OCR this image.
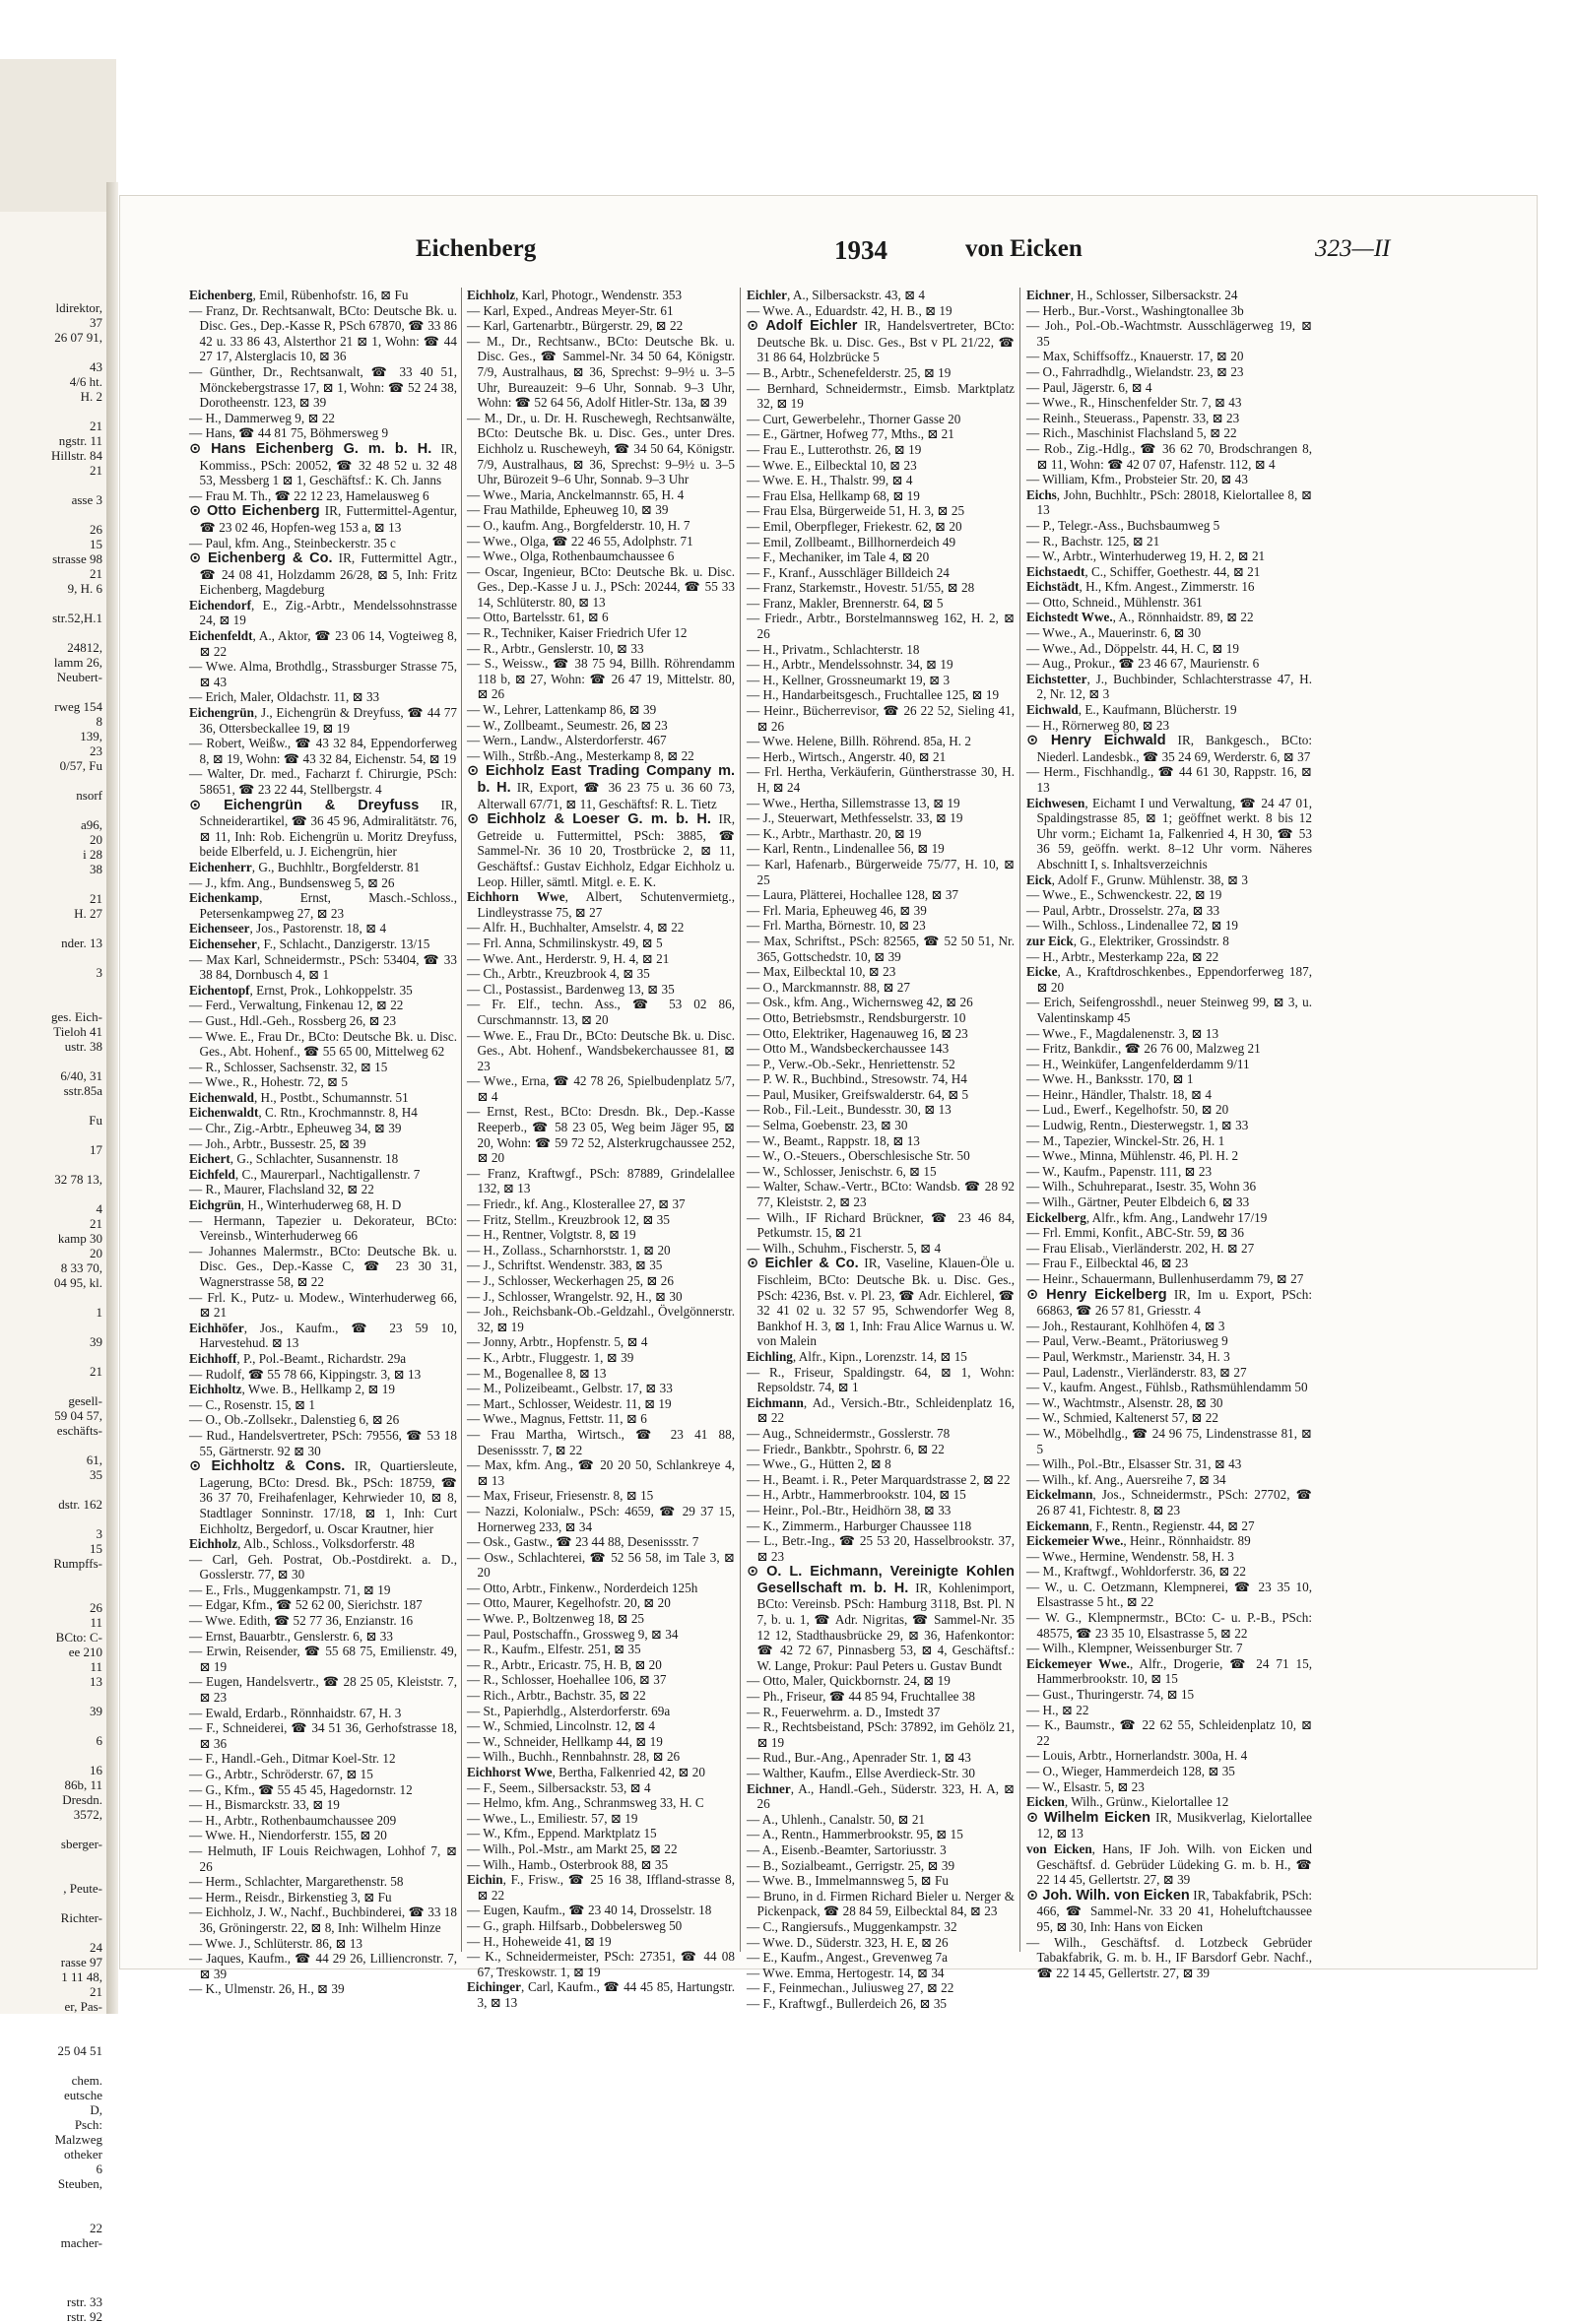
ldirektor,
37
26 07 91,

43
4/6 ht.
H. 2

21
ngstr. 11
Hillstr. 84
21

asse 3

26
15
strasse 98
21
9, H. 6

str.52,H.1

24812,
lamm 26,
Neubert-

rweg 154
8
139,
23
0/57, Fu

nsorf

a96,
20
i 28
38

21
H. 27

nder. 13

3

ges. Eich-
Tieloh 41
ustr. 38

6/40, 31
sstr.85a

Fu

17

32 78 13,

4
21
kamp 30
20
8 33 70,
04 95, kl.

1

39

21

gesell-
59 04 57,
eschäfts-

61,
35

dstr. 162

3
15
Rumpffs-

26
11
BCto: C-
ee 210
11
13

39

6

16
86b, 11
Dresdn.
3572,

sberger-

, Peute-

Richter-

24
rasse 97
1 11 48,
21
er, Pas-

25 04 51

chem.
eutsche
D,
Psch:
Malzweg
otheker
6
Steuben,

22
macher-

rstr. 33
rstr. 92
Eichenberg	1934	von Eicken	323—II

Eichenberg, Emil, Rübenhofstr. 16, ⊠ Fu

— Franz, Dr. Rechtsanwalt, BCto: Deutsche Bk. u. Disc. Ges., Dep.-Kasse R, PSch 67870, ☎ 33 86 42 u. 33 86 43, Alsterthor 21 ⊠ 1, Wohn: ☎ 44 27 17, Alsterglacis 10, ⊠ 36

— Günther, Dr., Rechtsanwalt, ☎ 33 40 51, Mönckebergstrasse 17, ⊠ 1, Wohn: ☎ 52 24 38, Dorotheenstr. 123, ⊠ 39

— H., Dammerweg 9, ⊠ 22

— Hans, ☎ 44 81 75, Böhmersweg 9

⊙ Hans Eichenberg G. m. b. H. IR, Kommiss., PSch: 20052, ☎ 32 48 52 u. 32 48 53, Messberg 1 ⊠ 1, Geschäftsf.: K. Ch. Janns

— Frau M. Th., ☎ 22 12 23, Hamelausweg 6

⊙ Otto Eichenberg IR, Futtermittel-Agentur, ☎ 23 02 46, Hopfen-weg 153 a, ⊠ 13

— Paul, kfm. Ang., Steinbeckerstr. 35 c

⊙ Eichenberg & Co. IR, Futtermittel Agtr., ☎ 24 08 41, Holzdamm 26/28, ⊠ 5, Inh: Fritz Eichenberg, Magdeburg

Eichendorf, E., Zig.-Arbtr., Mendelssohnstrasse 24, ⊠ 19

Eichenfeldt, A., Aktor, ☎ 23 06 14, Vogteiweg 8, ⊠ 22

— Wwe. Alma, Brothdlg., Strassburger Strasse 75, ⊠ 43

— Erich, Maler, Oldachstr. 11, ⊠ 33

Eichengrün, J., Eichengrün & Dreyfuss, ☎ 44 77 36, Ottersbeckallee 19, ⊠ 19

— Robert, Weißw., ☎ 43 32 84, Eppendorferweg 8, ⊠ 19, Wohn: ☎ 43 32 84, Eichenstr. 54, ⊠ 19

— Walter, Dr. med., Facharzt f. Chirurgie, PSch: 58651, ☎ 23 22 44, Stellbergstr. 4

⊙ Eichengrün & Dreyfuss IR, Schneiderartikel, ☎ 36 45 96, Admiralitätstr. 76, ⊠ 11, Inh: Rob. Eichengrün u. Moritz Dreyfuss, beide Elberfeld, u. J. Eichengrün, hier

Eichenherr, G., Buchhltr., Borgfelderstr. 81

— J., kfm. Ang., Bundsensweg 5, ⊠ 26

Eichenkamp, Ernst, Masch.-Schloss., Petersenkampweg 27, ⊠ 23

Eichenseer, Jos., Pastorenstr. 18, ⊠ 4

Eichenseher, F., Schlacht., Danzigerstr. 13/15

— Max Karl, Schneidermstr., PSch: 53404, ☎ 33 38 84, Dornbusch 4, ⊠ 1

Eichentopf, Ernst, Prok., Lohkoppelstr. 35

— Ferd., Verwaltung, Finkenau 12, ⊠ 22

— Gust., Hdl.-Geh., Rossberg 26, ⊠ 23

— Wwe. E., Frau Dr., BCto: Deutsche Bk. u. Disc. Ges., Abt. Hohenf., ☎ 55 65 00, Mittelweg 62

— R., Schlosser, Sachsenstr. 32, ⊠ 15

— Wwe., R., Hohestr. 72, ⊠ 5

Eichenwald, H., Postbt., Schumannstr. 51

Eichenwaldt, C. Rtn., Krochmannstr. 8, H4

— Chr., Zig.-Arbtr., Epheuweg 34, ⊠ 39

— Joh., Arbtr., Bussestr. 25, ⊠ 39

Eichert, G., Schlachter, Susannenstr. 18

Eichfeld, C., Maurerparl., Nachtigallenstr. 7

— R., Maurer, Flachsland 32, ⊠ 22

Eichgrün, H., Winterhuderweg 68, H. D

— Hermann, Tapezier u. Dekorateur, BCto: Vereinsb., Winterhuderweg 66

— Johannes Malermstr., BCto: Deutsche Bk. u. Disc. Ges., Dep.-Kasse C, ☎ 23 30 31, Wagnerstrasse 58, ⊠ 22

— Frl. K., Putz- u. Modew., Winterhuderweg 66, ⊠ 21

Eichhöfer, Jos., Kaufm., ☎ 23 59 10, Harvestehud. ⊠ 13

Eichhoff, P., Pol.-Beamt., Richardstr. 29a

— Rudolf, ☎ 55 78 66, Kippingstr. 3, ⊠ 13

Eichholtz, Wwe. B., Hellkamp 2, ⊠ 19

— C., Rosenstr. 15, ⊠ 1

— O., Ob.-Zollsekr., Dalenstieg 6, ⊠ 26

— Rud., Handelsvertreter, PSch: 79556, ☎ 53 18 55, Gärtnerstr. 92 ⊠ 30

⊙ Eichholtz & Cons. IR, Quartiersleute, Lagerung, BCto: Dresd. Bk., PSch: 18759, ☎ 36 37 70, Freihafenlager, Kehrwieder 10, ⊠ 8, Stadtlager Sonninstr. 17/18, ⊠ 1, Inh: Curt Eichholtz, Bergedorf, u. Oscar Krautner, hier

Eichholz, Alb., Schloss., Volksdorferstr. 48

— Carl, Geh. Postrat, Ob.-Postdirekt. a. D., Gosslerstr. 77, ⊠ 30

— E., Frls., Muggenkampstr. 71, ⊠ 19

— Edgar, Kfm., ☎ 52 62 00, Sierichstr. 187

— Wwe. Edith, ☎ 52 77 36, Enzianstr. 16

— Ernst, Bauarbtr., Genslerstr. 6, ⊠ 33

— Erwin, Reisender, ☎ 55 68 75, Emilienstr. 49, ⊠ 19

— Eugen, Handelsvertr., ☎ 28 25 05, Kleiststr. 7, ⊠ 23

— Ewald, Erdarb., Rönnhaidstr. 67, H. 3

— F., Schneiderei, ☎ 34 51 36, Gerhofstrasse 18, ⊠ 36

— F., Handl.-Geh., Ditmar Koel-Str. 12

— G., Arbtr., Schröderstr. 67, ⊠ 15

— G., Kfm., ☎ 55 45 45, Hagedornstr. 12

— H., Bismarckstr. 33, ⊠ 19

— H., Arbtr., Rothenbaumchaussee 209

— Wwe. H., Niendorferstr. 155, ⊠ 20

— Helmuth, IF Louis Reichwagen, Lohhof 7, ⊠ 26

— Herm., Schlachter, Margarethenstr. 58

— Herm., Reisdr., Birkenstieg 3, ⊠ Fu

— Eichholz, J. W., Nachf., Buchbinderei, ☎ 33 18 36, Gröningerstr. 22, ⊠ 8, Inh: Wilhelm Hinze

— Wwe. J., Schlüterstr. 86, ⊠ 13

— Jaques, Kaufm., ☎ 44 29 26, Lilliencronstr. 7, ⊠ 39

— K., Ulmenstr. 26, H., ⊠ 39

Eichholz, Karl, Photogr., Wendenstr. 353

— Karl, Exped., Andreas Meyer-Str. 61

— Karl, Gartenarbtr., Bürgerstr. 29, ⊠ 22

— M., Dr., Rechtsanw., BCto: Deutsche Bk. u. Disc. Ges., ☎ Sammel-Nr. 34 50 64, Königstr. 7/9, Australhaus, ⊠ 36, Sprechst: 9–9½ u. 3–5 Uhr, Bureauzeit: 9–6 Uhr, Sonnab. 9–3 Uhr, Wohn: ☎ 52 64 56, Adolf Hitler-Str. 13a, ⊠ 39

— M., Dr., u. Dr. H. Ruschewegh, Rechtsanwälte, BCto: Deutsche Bk. u. Disc. Ges., unter Dres. Eichholz u. Ruscheweyh, ☎ 34 50 64, Königstr. 7/9, Australhaus, ⊠ 36, Sprechst: 9–9½ u. 3–5 Uhr, Bürozeit 9–6 Uhr, Sonnab. 9–3 Uhr

— Wwe., Maria, Anckelmannstr. 65, H. 4

— Frau Mathilde, Epheuweg 10, ⊠ 39

— O., kaufm. Ang., Borgfelderstr. 10, H. 7

— Wwe., Olga, ☎ 22 46 55, Adolphstr. 71

— Wwe., Olga, Rothenbaumchaussee 6

— Oscar, Ingenieur, BCto: Deutsche Bk. u. Disc. Ges., Dep.-Kasse J u. J., PSch: 20244, ☎ 55 33 14, Schlüterstr. 80, ⊠ 13

— Otto, Bartelsstr. 61, ⊠ 6

— R., Techniker, Kaiser Friedrich Ufer 12

— R., Arbtr., Genslerstr. 10, ⊠ 33

— S., Weissw., ☎ 38 75 94, Billh. Röhrendamm 118 b, ⊠ 27, Wohn: ☎ 26 47 19, Mittelstr. 80, ⊠ 26

— W., Lehrer, Lattenkamp 86, ⊠ 39

— W., Zollbeamt., Seumestr. 26, ⊠ 23

— Wern., Landw., Alsterdorferstr. 467

— Wilh., Strßb.-Ang., Mesterkamp 8, ⊠ 22

⊙ Eichholz East Trading Company m. b. H. IR, Export, ☎ 36 23 75 u. 36 60 73, Alterwall 67/71, ⊠ 11, Geschäftsf: R. L. Tietz

⊙ Eichholz & Loeser G. m. b. H. IR, Getreide u. Futtermittel, PSch: 3885, ☎ Sammel-Nr. 36 10 20, Trostbrücke 2, ⊠ 11, Geschäftsf.: Gustav Eichholz, Edgar Eichholz u. Leop. Hiller, sämtl. Mitgl. e. E. K.

Eichhorn Wwe, Albert, Schutenvermietg., Lindleystrasse 75, ⊠ 27

— Alfr. H., Buchhalter, Amselstr. 4, ⊠ 22

— Frl. Anna, Schmilinskystr. 49, ⊠ 5

— Wwe. Ant., Herderstr. 9, H. 4, ⊠ 21

— Ch., Arbtr., Kreuzbrook 4, ⊠ 35

— Cl., Postassist., Bardenweg 13, ⊠ 35

— Fr. Elf., techn. Ass., ☎ 53 02 86, Curschmannstr. 13, ⊠ 20

— Wwe. E., Frau Dr., BCto: Deutsche Bk. u. Disc. Ges., Abt. Hohenf., Wandsbekerchaussee 81, ⊠ 23

— Wwe., Erna, ☎ 42 78 26, Spielbudenplatz 5/7, ⊠ 4

— Ernst, Rest., BCto: Dresdn. Bk., Dep.-Kasse Reeperb., ☎ 58 23 05, Weg beim Jäger 95, ⊠ 20, Wohn: ☎ 59 72 52, Alsterkrugchaussee 252, ⊠ 20

— Franz, Kraftwgf., PSch: 87889, Grindelallee 132, ⊠ 13

— Friedr., kf. Ang., Klosterallee 27, ⊠ 37

— Fritz, Stellm., Kreuzbrook 12, ⊠ 35

— H., Rentner, Volgtstr. 8, ⊠ 19

— H., Zollass., Scharnhorststr. 1, ⊠ 20

— J., Schriftst. Wendenstr. 383, ⊠ 35

— J., Schlosser, Weckerhagen 25, ⊠ 26

— J., Schlosser, Wrangelstr. 92, H., ⊠ 30

— Joh., Reichsbank-Ob.-Geldzahl., Övelgönnerstr. 32, ⊠ 19

— Jonny, Arbtr., Hopfenstr. 5, ⊠ 4

— K., Arbtr., Fluggestr. 1, ⊠ 39

— M., Bogenallee 8, ⊠ 13

— M., Polizeibeamt., Gelbstr. 17, ⊠ 33

— Mart., Schlosser, Weidestr. 11, ⊠ 19

— Wwe., Magnus, Fettstr. 11, ⊠ 6

— Frau Martha, Wirtsch., ☎ 23 41 88, Desenissstr. 7, ⊠ 22

— Max, kfm. Ang., ☎ 20 20 50, Schlankreye 4, ⊠ 13

— Max, Friseur, Friesenstr. 8, ⊠ 15

— Nazzi, Kolonialw., PSch: 4659, ☎ 29 37 15, Hornerweg 233, ⊠ 34

— Osk., Gastw., ☎ 23 44 88, Desenissstr. 7

— Osw., Schlachterei, ☎ 52 56 58, im Tale 3, ⊠ 20

— Otto, Arbtr., Finkenw., Norderdeich 125h

— Otto, Maurer, Kegelhofstr. 20, ⊠ 20

— Wwe. P., Boltzenweg 18, ⊠ 25

— Paul, Postschaffn., Grossweg 9, ⊠ 34

— R., Kaufm., Elfestr. 251, ⊠ 35

— R., Arbtr., Ericastr. 75, H. B, ⊠ 20

— R., Schlosser, Hoehallee 106, ⊠ 37

— Rich., Arbtr., Bachstr. 35, ⊠ 22

— St., Papierhdlg., Alsterdorferstr. 69a

— W., Schmied, Lincolnstr. 12, ⊠ 4

— W., Schneider, Hellkamp 44, ⊠ 19

— Wilh., Buchh., Rennbahnstr. 28, ⊠ 26

Eichhorst Wwe, Bertha, Falkenried 42, ⊠ 20

— F., Seem., Silbersackstr. 53, ⊠ 4

— Helmo, kfm. Ang., Schranmsweg 33, H. C

— Wwe., L., Emiliestr. 57, ⊠ 19

— W., Kfm., Eppend. Marktplatz 15

— Wilh., Pol.-Mstr., am Markt 25, ⊠ 22

— Wilh., Hamb., Osterbrook 88, ⊠ 35

Eichin, F., Frisw., ☎ 25 16 38, Iffland-strasse 8, ⊠ 22

— Eugen, Kaufm., ☎ 23 40 14, Drosselstr. 18

— G., graph. Hilfsarb., Dobbelersweg 50

— H., Hoheweide 41, ⊠ 19

— K., Schneidermeister, PSch: 27351, ☎ 44 08 67, Treskowstr. 1, ⊠ 19

Eichinger, Carl, Kaufm., ☎ 44 45 85, Hartungstr. 3, ⊠ 13

Eichler, A., Silbersackstr. 43, ⊠ 4

— Wwe. A., Eduardstr. 42, H. B., ⊠ 19

⊙ Adolf Eichler IR, Handelsvertreter, BCto: Deutsche Bk. u. Disc. Ges., Bst v PL 21/22, ☎ 31 86 64, Holzbrücke 5

— B., Arbtr., Schenefelderstr. 25, ⊠ 19

— Bernhard, Schneidermstr., Eimsb. Marktplatz 32, ⊠ 19

— Curt, Gewerbelehr., Thorner Gasse 20

— E., Gärtner, Hofweg 77, Mths., ⊠ 21

— Frau E., Lutterothstr. 26, ⊠ 19

— Wwe. E., Eilbecktal 10, ⊠ 23

— Wwe. E. H., Thalstr. 99, ⊠ 4

— Frau Elsa, Hellkamp 68, ⊠ 19

— Frau Elsa, Bürgerweide 51, H. 3, ⊠ 25

— Emil, Oberpfleger, Friekestr. 62, ⊠ 20

— Emil, Zollbeamt., Billhornerdeich 49

— F., Mechaniker, im Tale 4, ⊠ 20

— F., Kranf., Ausschläger Billdeich 24

— Franz, Starkemstr., Hovestr. 51/55, ⊠ 28

— Franz, Makler, Brennerstr. 64, ⊠ 5

— Friedr., Arbtr., Borstelmannsweg 162, H. 2, ⊠ 26

— H., Privatm., Schlachterstr. 18

— H., Arbtr., Mendelssohnstr. 34, ⊠ 19

— H., Kellner, Grossneumarkt 19, ⊠ 3

— H., Handarbeitsgesch., Fruchtallee 125, ⊠ 19

— Heinr., Bücherrevisor, ☎ 26 22 52, Sieling 41, ⊠ 26

— Wwe. Helene, Billh. Röhrend. 85a, H. 2

— Herb., Wirtsch., Angerstr. 40, ⊠ 21

— Frl. Hertha, Verkäuferin, Güntherstrasse 30, H. H, ⊠ 24

— Wwe., Hertha, Sillemstrasse 13, ⊠ 19

— J., Steuerwart, Methfesselstr. 33, ⊠ 19

— K., Arbtr., Marthastr. 20, ⊠ 19

— Karl, Rentn., Lindenallee 56, ⊠ 19

— Karl, Hafenarb., Bürgerweide 75/77, H. 10, ⊠ 25

— Laura, Plätterei, Hochallee 128, ⊠ 37

— Frl. Maria, Epheuweg 46, ⊠ 39

— Frl. Martha, Börnestr. 10, ⊠ 23

— Max, Schriftst., PSch: 82565, ☎ 52 50 51, Nr. 365, Gottschedstr. 10, ⊠ 39

— Max, Eilbecktal 10, ⊠ 23

— O., Marckmannstr. 88, ⊠ 27

— Osk., kfm. Ang., Wichernsweg 42, ⊠ 26

— Otto, Betriebsmstr., Rendsburgerstr. 10

— Otto, Elektriker, Hagenauweg 16, ⊠ 23

— Otto M., Wandsbeckerchaussee 143

— P., Verw.-Ob.-Sekr., Henriettenstr. 52

— P. W. R., Buchbind., Stresowstr. 74, H4

— Paul, Musiker, Greifswalderstr. 64, ⊠ 5

— Rob., Fil.-Leit., Bundesstr. 30, ⊠ 13

— Selma, Goebenstr. 23, ⊠ 30

— W., Beamt., Rappstr. 18, ⊠ 13

— W., O.-Steuers., Oberschlesische Str. 50

— W., Schlosser, Jenischstr. 6, ⊠ 15

— Walter, Schaw.-Vertr., BCto: Wandsb. ☎ 28 92 77, Kleiststr. 2, ⊠ 23

— Wilh., IF Richard Brückner, ☎ 23 46 84, Petkumstr. 15, ⊠ 21

— Wilh., Schuhm., Fischerstr. 5, ⊠ 4

⊙ Eichler & Co. IR, Vaseline, Klauen-Öle u. Fischleim, BCto: Deutsche Bk. u. Disc. Ges., PSch: 4236, Bst. v. Pl. 23, ☎ Adr. Eichlerel, ☎ 32 41 02 u. 32 57 95, Schwendorfer Weg 8, Bankhof H. 3, ⊠ 1, Inh: Frau Alice Warnus u. W. von Malein

Eichling, Alfr., Kipn., Lorenzstr. 14, ⊠ 15

— R., Friseur, Spaldingstr. 64, ⊠ 1, Wohn: Repsoldstr. 74, ⊠ 1

Eichmann, Ad., Versich.-Btr., Schleidenplatz 16, ⊠ 22

— Aug., Schneidermstr., Gosslerstr. 78

— Friedr., Bankbtr., Spohrstr. 6, ⊠ 22

— Wwe., G., Hütten 2, ⊠ 8

— H., Beamt. i. R., Peter Marquardstrasse 2, ⊠ 22

— H., Arbtr., Hammerbrookstr. 104, ⊠ 15

— Heinr., Pol.-Btr., Heidhörn 38, ⊠ 33

— K., Zimmerm., Harburger Chaussee 118

— L., Betr.-Ing., ☎ 25 53 20, Hasselbrookstr. 37, ⊠ 23

⊙ O. L. Eichmann, Vereinigte Kohlen Gesellschaft m. b. H. IR, Kohlenimport, BCto: Vereinsb. PSch: Hamburg 3118, Bst. Pl. N 7, b. u. 1, ☎ Adr. Nigritas, ☎ Sammel-Nr. 35 12 12, Stadthausbrücke 29, ⊠ 36, Hafenkontor: ☎ 42 72 67, Pinnasberg 53, ⊠ 4, Geschäftsf.: W. Lange, Prokur: Paul Peters u. Gustav Bundt

— Otto, Maler, Quickbornstr. 24, ⊠ 19

— Ph., Friseur, ☎ 44 85 94, Fruchtallee 38

— R., Feuerwehrm. a. D., Imstedt 37

— R., Rechtsbeistand, PSch: 37892, im Gehölz 21, ⊠ 19

— Rud., Bur.-Ang., Apenrader Str. 1, ⊠ 43

— Walther, Kaufm., Ellse Averdieck-Str. 30

Eichner, A., Handl.-Geh., Süderstr. 323, H. A, ⊠ 26

— A., Uhlenh., Canalstr. 50, ⊠ 21

— A., Rentn., Hammerbrookstr. 95, ⊠ 15

— A., Eisenb.-Beamter, Sartoriusstr. 3

— B., Sozialbeamt., Gerrigstr. 25, ⊠ 39

— Wwe. B., Immelmannsweg 5, ⊠ Fu

— Bruno, in d. Firmen Richard Bieler u. Nerger & Pickenpack, ☎ 28 84 59, Eilbecktal 84, ⊠ 23

— C., Rangiersufs., Muggenkampstr. 32

— Wwe. D., Süderstr. 323, H. E, ⊠ 26

— E., Kaufm., Angest., Grevenweg 7a

— Wwe. Emma, Hertogestr. 14, ⊠ 34

— F., Feinmechan., Juliusweg 27, ⊠ 22

— F., Kraftwgf., Bullerdeich 26, ⊠ 35

Eichner, H., Schlosser, Silbersackstr. 24

— Herb., Bur.-Vorst., Washingtonallee 3b

— Joh., Pol.-Ob.-Wachtmstr. Ausschlägerweg 19, ⊠ 35

— Max, Schiffsoffz., Knauerstr. 17, ⊠ 20

— O., Fahrradhdlg., Wielandstr. 23, ⊠ 23

— Paul, Jägerstr. 6, ⊠ 4

— Wwe., R., Hinschenfelder Str. 7, ⊠ 43

— Reinh., Steuerass., Papenstr. 33, ⊠ 23

— Rich., Maschinist Flachsland 5, ⊠ 22

— Rob., Zig.-Hdlg., ☎ 36 62 70, Brodschrangen 8, ⊠ 11, Wohn: ☎ 42 07 07, Hafenstr. 112, ⊠ 4

— William, Kfm., Probsteier Str. 20, ⊠ 43

Eichs, John, Buchhltr., PSch: 28018, Kielortallee 8, ⊠ 13

— P., Telegr.-Ass., Buchsbaumweg 5

— R., Bachstr. 125, ⊠ 21

— W., Arbtr., Winterhuderweg 19, H. 2, ⊠ 21

Eichstaedt, C., Schiffer, Goethestr. 44, ⊠ 21

Eichstädt, H., Kfm. Angest., Zimmerstr. 16

— Otto, Schneid., Mühlenstr. 361

Eichstedt Wwe., A., Rönnhaidstr. 89, ⊠ 22

— Wwe., A., Mauerinstr. 6, ⊠ 30

— Wwe., Ad., Döppelstr. 44, H. C, ⊠ 19

— Aug., Prokur., ☎ 23 46 67, Maurienstr. 6

Eichstetter, J., Buchbinder, Schlachterstrasse 47, H. 2, Nr. 12, ⊠ 3

Eichwald, E., Kaufmann, Blücherstr. 19

— H., Rörnerweg 80, ⊠ 23

⊙ Henry Eichwald IR, Bankgesch., BCto: Niederl. Landesbk., ☎ 35 24 69, Werderstr. 6, ⊠ 37

— Herm., Fischhandlg., ☎ 44 61 30, Rappstr. 16, ⊠ 13

Eichwesen, Eichamt I und Verwaltung, ☎ 24 47 01, Spaldingstrasse 85, ⊠ 1; geöffnet werkt. 8 bis 12 Uhr vorm.; Eichamt 1a, Falkenried 4, H 30, ☎ 53 36 59, geöffn. werkt. 8–12 Uhr vorm. Näheres Abschnitt I, s. Inhaltsverzeichnis

Eick, Adolf F., Grunw. Mühlenstr. 38, ⊠ 3

— Wwe., E., Schwenckestr. 22, ⊠ 19

— Paul, Arbtr., Drosselstr. 27a, ⊠ 33

— Wilh., Schloss., Lindenallee 72, ⊠ 19

zur Eick, G., Elektriker, Grossindstr. 8

— H., Arbtr., Mesterkamp 22a, ⊠ 22

Eicke, A., Kraftdroschkenbes., Eppendorferweg 187, ⊠ 20

— Erich, Seifengrosshdl., neuer Steinweg 99, ⊠ 3, u. Valentinskamp 45

— Wwe., F., Magdalenenstr. 3, ⊠ 13

— Fritz, Bankdir., ☎ 26 76 00, Malzweg 21

— H., Weinküfer, Langenfelderdamm 9/11

— Wwe. H., Banksstr. 170, ⊠ 1

— Heinr., Händler, Thalstr. 18, ⊠ 4

— Lud., Ewerf., Kegelhofstr. 50, ⊠ 20

— Ludwig, Rentn., Diesterwegstr. 1, ⊠ 33

— M., Tapezier, Winckel-Str. 26, H. 1

— Wwe., Minna, Mühlenstr. 46, Pl. H. 2

— W., Kaufm., Papenstr. 111, ⊠ 23

— Wilh., Schuhreparat., Isestr. 35, Wohn 36

— Wilh., Gärtner, Peuter Elbdeich 6, ⊠ 33

Eickelberg, Alfr., kfm. Ang., Landwehr 17/19

— Frl. Emmi, Konfit., ABC-Str. 59, ⊠ 36

— Frau Elisab., Vierländerstr. 202, H. ⊠ 27

— Frau F., Eilbecktal 46, ⊠ 23

— Heinr., Schauermann, Bullenhuserdamm 79, ⊠ 27

⊙ Henry Eickelberg IR, Im u. Export, PSch: 66863, ☎ 26 57 81, Griesstr. 4

— Joh., Restaurant, Kohlhöfen 4, ⊠ 3

— Paul, Verw.-Beamt., Prätoriusweg 9

— Paul, Werkmstr., Marienstr. 34, H. 3

— Paul, Ladenstr., Vierländerstr. 83, ⊠ 27

— V., kaufm. Angest., Fühlsb., Rathsmühlendamm 50

— W., Wachtmstr., Alsenstr. 28, ⊠ 30

— W., Schmied, Kaltenerst 57, ⊠ 22

— W., Möbelhdlg., ☎ 24 96 75, Lindenstrasse 81, ⊠ 5

— Wilh., Pol.-Btr., Elsasser Str. 31, ⊠ 43

— Wilh., kf. Ang., Auersreihe 7, ⊠ 34

Eickelmann, Jos., Schneidermstr., PSch: 27702, ☎ 26 87 41, Fichtestr. 8, ⊠ 23

Eickemann, F., Rentn., Regienstr. 44, ⊠ 27

Eickemeier Wwe., Heinr., Rönnhaidstr. 89

— Wwe., Hermine, Wendenstr. 58, H. 3

— M., Kraftwgf., Wohldorferstr. 36, ⊠ 22

— W., u. C. Oetzmann, Klempnerei, ☎ 23 35 10, Elsastrasse 5 ht., ⊠ 22

— W. G., Klempnermstr., BCto: C- u. P.-B., PSch: 48575, ☎ 23 35 10, Elsastrasse 5, ⊠ 22

— Wilh., Klempner, Weissenburger Str. 7

Eickemeyer Wwe., Alfr., Drogerie, ☎ 24 71 15, Hammerbrookstr. 10, ⊠ 15

— Gust., Thuringerstr. 74, ⊠ 15

— H., ⊠ 22

— K., Baumstr., ☎ 22 62 55, Schleidenplatz 10, ⊠ 22

— Louis, Arbtr., Hornerlandstr. 300a, H. 4

— O., Wieger, Hammerdeich 128, ⊠ 35

— W., Elsastr. 5, ⊠ 23

Eicken, Wilh., Grünw., Kielortallee 12

⊙ Wilhelm Eicken IR, Musikverlag, Kielortallee 12, ⊠ 13

von Eicken, Hans, IF Joh. Wilh. von Eicken und Geschäftsf. d. Gebrüder Lüdeking G. m. b. H., ☎ 22 14 45, Gellertstr. 27, ⊠ 39

⊙ Joh. Wilh. von Eicken IR, Tabakfabrik, PSch: 466, ☎ Sammel-Nr. 33 20 41, Hoheluftchaussee 95, ⊠ 30, Inh: Hans von Eicken

— Wilh., Geschäftsf. d. Lotzbeck Gebrüder Tabakfabrik, G. m. b. H., IF Barsdorf Gebr. Nachf., ☎ 22 14 45, Gellertstr. 27, ⊠ 39
